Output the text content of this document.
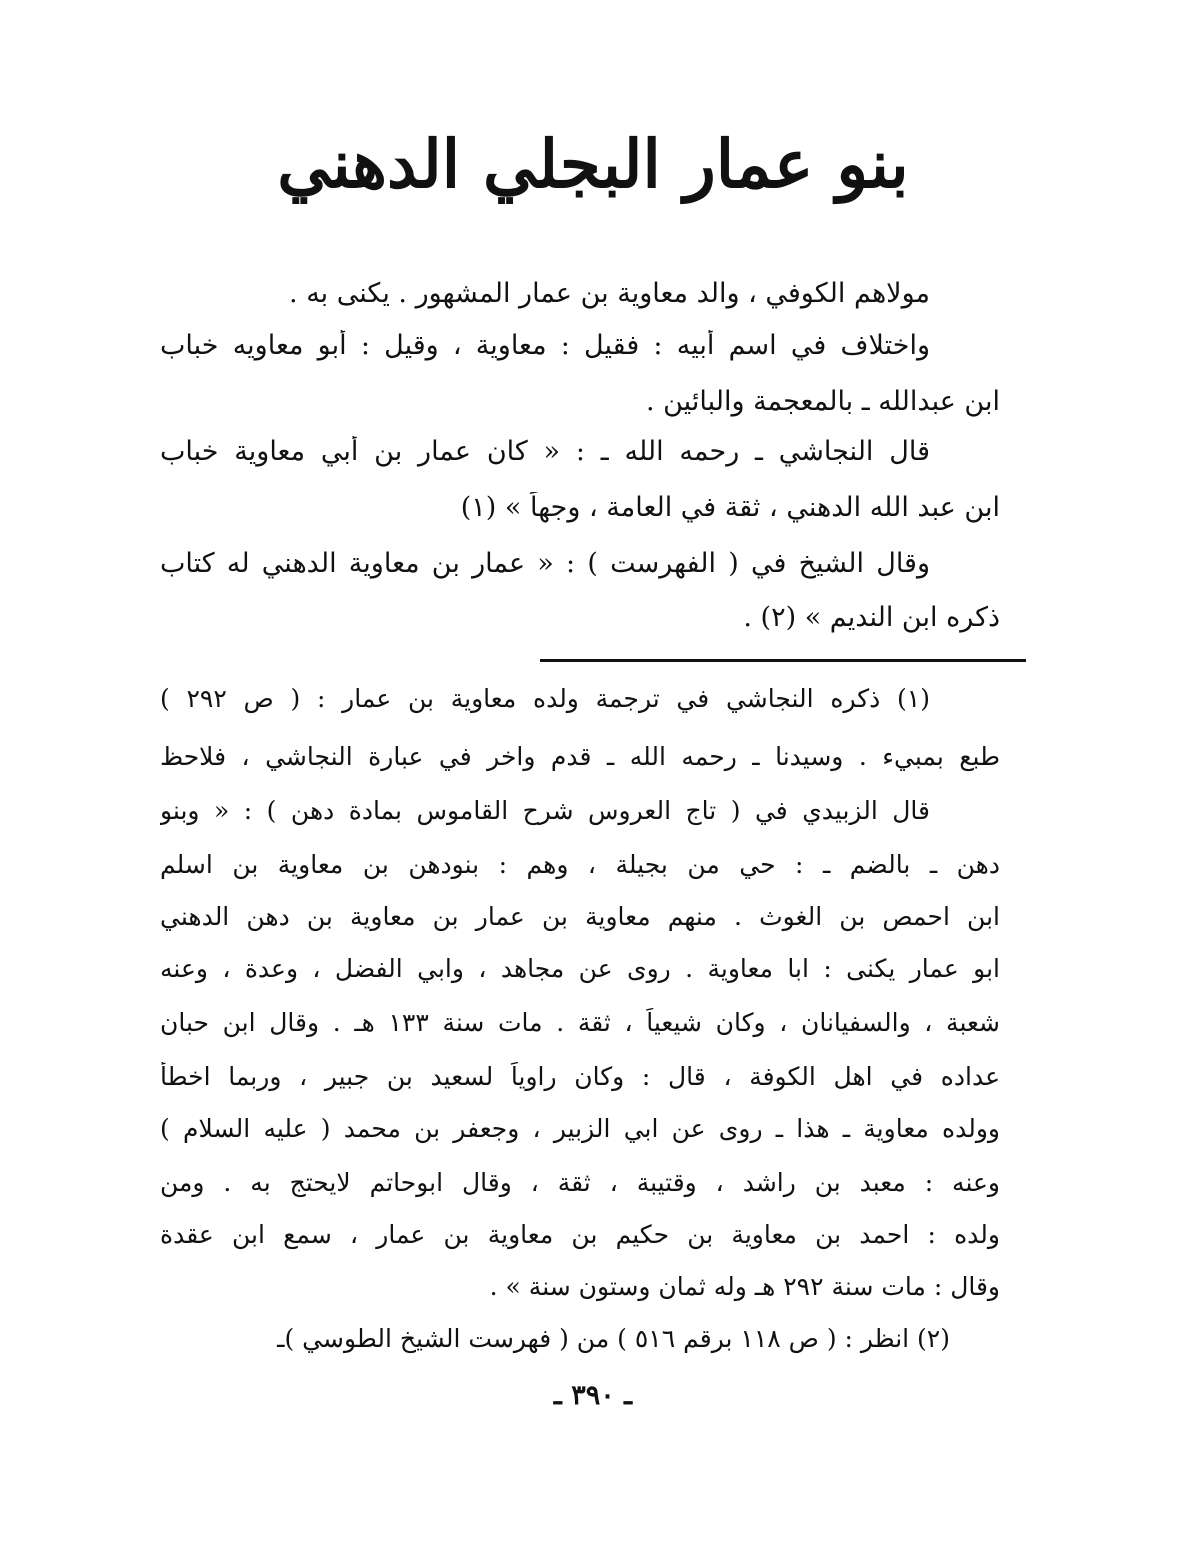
بنو عمار البجلي الدهني
مولاهم الكوفي ، والد معاوية بن عمار المشهور . يكنى به .
واختلاف في اسم أبيه : فقيل : معاوية ، وقيل : أبو معاويه خباب
ابن عبدالله ـ بالمعجمة والبائين .
قال النجاشي ـ رحمه الله ـ : « كان عمار بن أبي معاوية خباب
ابن عبد الله الدهني ، ثقة في العامة ، وجهاً » (١)
وقال الشيخ في ( الفهرست ) : « عمار بن معاوية الدهني له كتاب
ذكره ابن النديم » (٢) .
(١) ذكره النجاشي في ترجمة ولده معاوية بن عمار : ( ص ٢٩٢ )
طبع بمبيء . وسيدنا ـ رحمه الله ـ قدم واخر في عبارة النجاشي ، فلاحظ
قال الزبيدي في ( تاج العروس شرح القاموس بمادة دهن ) : « وبنو
دهن ـ بالضم ـ : حي من بجيلة ، وهم : بنودهن بن معاوية بن اسلم
ابن احمص بن الغوث . منهم معاوية بن عمار بن معاوية بن دهن الدهني
ابو عمار يكنى : ابا معاوية . روى عن مجاهد ، وابي الفضل ، وعدة ، وعنه
شعبة ، والسفيانان ، وكان شيعياً ، ثقة . مات سنة ١٣٣ هـ . وقال ابن حبان
عداده في اهل الكوفة ، قال : وكان راوياً لسعيد بن جبير ، وربما اخطأ
وولده معاوية ـ هذا ـ روى عن ابي الزبير ، وجعفر بن محمد ( عليه السلام )
وعنه : معبد بن راشد ، وقتيبة ، ثقة ، وقال ابوحاتم لايحتج به . ومن
ولده : احمد بن معاوية بن حكيم بن معاوية بن عمار ، سمع ابن عقدة
وقال : مات سنة ٢٩٢ هـ وله ثمان وستون سنة » .
(٢) انظر : ( ص ١١٨ برقم ٥١٦ ) من ( فهرست الشيخ الطوسي )ـ
ـ ٣٩٠ ـ
